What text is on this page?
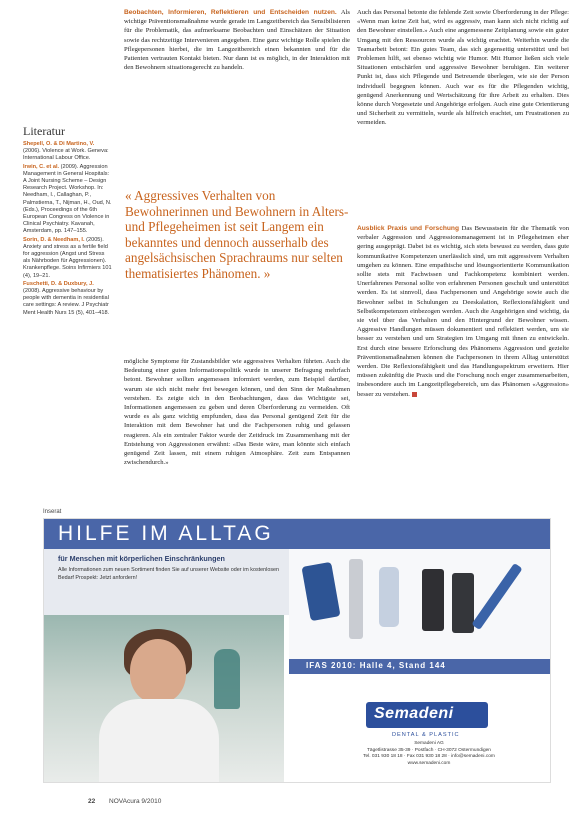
Beobachten, Informieren, Reflektieren und Entscheiden nutzen. Als wichtige Präventionsmaßnahme wurde gerade im Langzeitbereich das Sensibilisieren für die Problematik, das aufmerksame Beobachten und Einschätzen der Situation sowie das rechtzeitige Intervenieren angegeben. Eine ganz wichtige Rolle spielen die Pflegepersonen hierbei, die im Langzeitbereich einen bekannten und für die Patienten vertrauten Kontakt bieten. Nur dann ist es möglich, in der Interaktion mit den Bewohnern situationsgerecht zu handeln.
Literatur
Shepell, O. & Di Martino, V. (2006). Violence at Work. Geneva: International Labour Office.
Irwin, C. et al. (2009). Aggression Management in General Hospitals: A Joint Nursing Scheme – Design Research Project. Workshop. In: Needham, I., Callaghan, P., Palmstierna, T., Nijman, H., Oud, N. (Eds.), Proceedings of the 6th European Congress on Violence in Clinical Psychiatry. Kavanah, Amsterdam, pp. 147–155.
Sorin, D. & Needham, I. (2005). Anxiety and stress as a fertile field for aggression (Angst und Stress als Nährboden für Aggressionen). Krankenpflege. Soins Infirmiers 101 (4), 19–21.
Fuschetti, D. & Duxbury, J. (2008). Aggressive behaviour by people with dementia in residential care settings: A review. J Psychiatr Ment Health Nurs 15 (5), 401–418.
« Aggressives Verhalten von Bewohnerinnen und Bewohnern in Alters- und Pflegeheimen ist seit Langem ein bekanntes und dennoch ausserhalb des angelsächsischen Sprachraums nur selten thematisiertes Phänomen. »
mögliche Symptome für Zustandsbilder wie aggressives Verhalten führten. Auch die Bedeutung einer guten Informationspolitik wurde in unserer Befragung mehrfach betont. Bewohner sollten angemessen informiert werden, zum Beispiel darüber, warum sie sich nicht mehr frei bewegen können, und den Sinn der Maßnahmen verstehen. Es zeigte sich in den Beobachtungen, dass das Wichtigste sei, Informationen angemessen zu geben und deren Überforderung zu vermeiden. Oft wurde es als ganz wichtig empfunden, dass das Personal genügend Zeit für die Interaktion mit dem Bewohner hat und die Fachpersonen ruhig und gelassen reagieren. Als ein zentraler Faktor wurde der Zeitdruck im Zusammenhang mit der Entstehung von Aggressionen erwähnt: «Das Beste wäre, man könnte sich einfach genügend Zeit lassen, mit einem ruhigen Atmosphäre. Zeit zum Entspannen zwischendurch.»
Auch das Personal betonte die fehlende Zeit sowie Überforderung in der Pflege: «Wenn man keine Zeit hat, wird es aggressiv, man kann sich nicht richtig auf den Bewohner einstellen.» Auch eine angemessene Zeitplanung sowie ein guter Umgang mit den Ressourcen wurde als wichtig erachtet. Weiterhin wurde die Teamarbeit betont: Ein gutes Team, das sich gegenseitig unterstützt und bei Problemen hilft, sei ebenso wichtig wie Humor. Mit Humor ließen sich viele Situationen entschärfen und aggressive Bewohner beruhigen. Ein weiterer Punkt ist, dass sich Pflegende und Betreuende überlegen, wie sie der Person individuell begegnen können. Auch war es für die Pflegenden wichtig, genügend Anerkennung und Wertschätzung für ihre Arbeit zu erhalten. Dies könne durch Vorgesetzte und Angehörige erfolgen. Auch eine gute Orientierung und Sicherheit zu vermitteln, wurde als hilfreich erachtet, um Frustrationen zu vermeiden.
Ausblick Praxis und Forschung Das Bewusstsein für die Thematik von verbaler Aggression und Aggressionsmanagement ist in Pflegeheimen eher gering ausgeprägt. Dabei ist es wichtig, sich stets bewusst zu werden, dass gute kommunikative Kompetenzen unerlässlich sind, um mit aggressivem Verhalten umgehen zu können. Eine empathische und lösungsorientierte Kommunikation sollte stets mit Fachwissen und Fachkompetenz kombiniert werden. Unerfahrenes Personal sollte von erfahrenen Personen geschult und unterstützt werden. Es ist sinnvoll, dass Fachpersonen und Angehörige sowie auch die Bewohner selbst in Schulungen zu Deeskalation, Reflexionsfähigkeit und Selbstkompetenzen einbezogen werden. Auch die Angehörigen sind wichtig, da sie viel über das Verhalten und den Hintergrund der Bewohner wissen. Aggressive Handlungen müssen dokumentiert und reflektiert werden, um sie besser zu verstehen und um Strategien im Umgang mit ihnen zu entwickeln. Erst durch eine bessere Erforschung des Phänomens Aggression und gezielte Präventionsmaßnahmen können die Fachpersonen in ihrem Alltag unterstützt werden. Die Reflexionsfähigkeit und das Handlungsspektrum erweitern. Hier müssen zukünftig die Praxis und die Forschung noch enger zusammenarbeiten, insbesondere auch im Langzeitpflegebereich, um das Phänomen «Aggression» besser zu verstehen.
Inserat
HILFE IM ALLTAG
für Menschen mit körperlichen Einschränkungen
Alle Informationen zum neuen Sortiment finden Sie auf unserer Website oder im kostenlosen Bedarf Prospekt: Jetzt anfordern!
IFAS 2010: Halle 4, Stand 144
Semadeni
DENTAL & PLASTIC
Semadeni AG
Tägetlistrasse 35-39 · Postfach · CH-3072 Ostermundigen
Tel. 031 930 18 18 · Fax 031 930 18 28 · info@semadeni.com
www.semadeni.com
22 NOVAcura 9/2010
